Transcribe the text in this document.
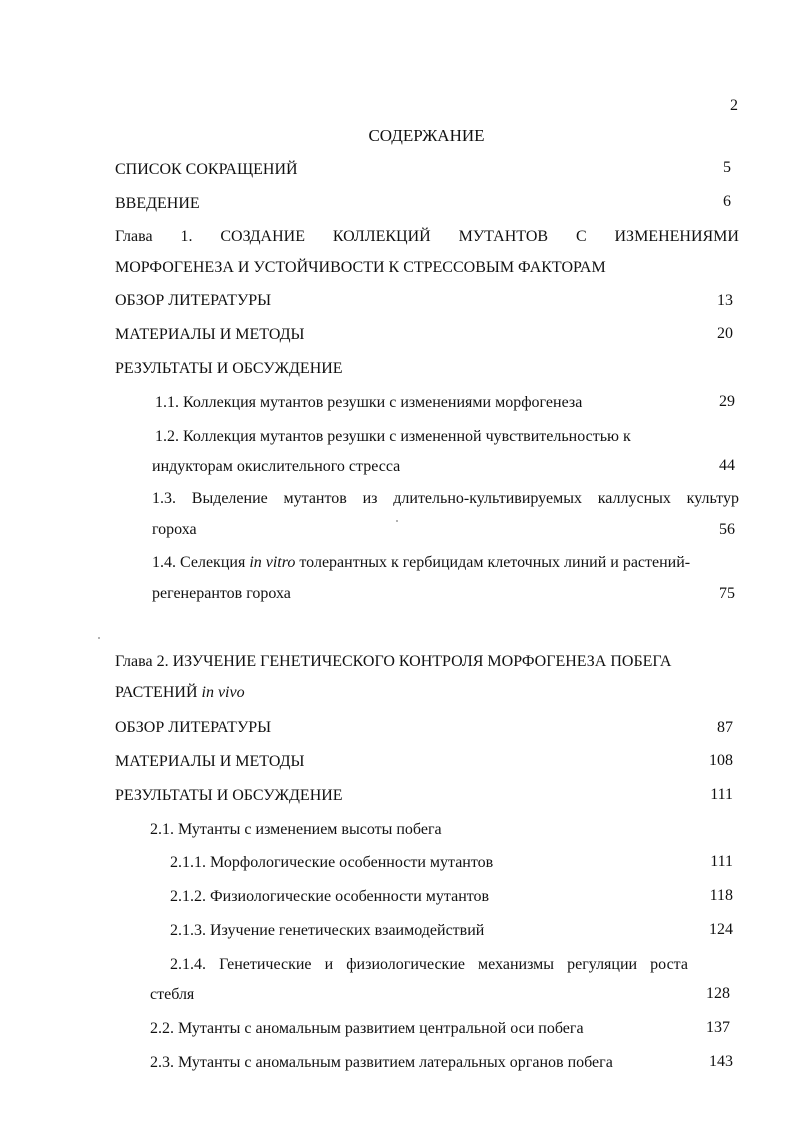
2
СОДЕРЖАНИЕ
СПИСОК СОКРАЩЕНИЙ	5
ВВЕДЕНИЕ	6
Глава 1. СОЗДАНИЕ КОЛЛЕКЦИЙ МУТАНТОВ С ИЗМЕНЕНИЯМИ
МОРФОГЕНЕЗА И УСТОЙЧИВОСТИ К СТРЕССОВЫМ ФАКТОРАМ
ОБЗОР ЛИТЕРАТУРЫ	13
МАТЕРИАЛЫ И МЕТОДЫ	20
РЕЗУЛЬТАТЫ И ОБСУЖДЕНИЕ
1.1. Коллекция мутантов резушки с изменениями морфогенеза	29
1.2. Коллекция мутантов резушки с измененной чувствительностью к
индукторам окислительного стресса	44
1.3. Выделение мутантов из длительно-культивируемых каллусных культур
гороха	56
1.4. Селекция in vitro толерантных к гербицидам клеточных линий и растений-
регенерантов гороха	75
Глава 2. ИЗУЧЕНИЕ ГЕНЕТИЧЕСКОГО КОНТРОЛЯ МОРФОГЕНЕЗА ПОБЕГА
РАСТЕНИЙ in vivo
ОБЗОР ЛИТЕРАТУРЫ	87
МАТЕРИАЛЫ И МЕТОДЫ	108
РЕЗУЛЬТАТЫ И ОБСУЖДЕНИЕ	111
2.1. Мутанты с изменением высоты побега
2.1.1. Морфологические особенности мутантов	111
2.1.2. Физиологические особенности мутантов	118
2.1.3. Изучение генетических взаимодействий	124
2.1.4. Генетические и физиологические механизмы регуляции роста
стебля	128
2.2. Мутанты с аномальным развитием центральной оси побега	137
2.3. Мутанты с аномальным развитием латеральных органов побега	143
